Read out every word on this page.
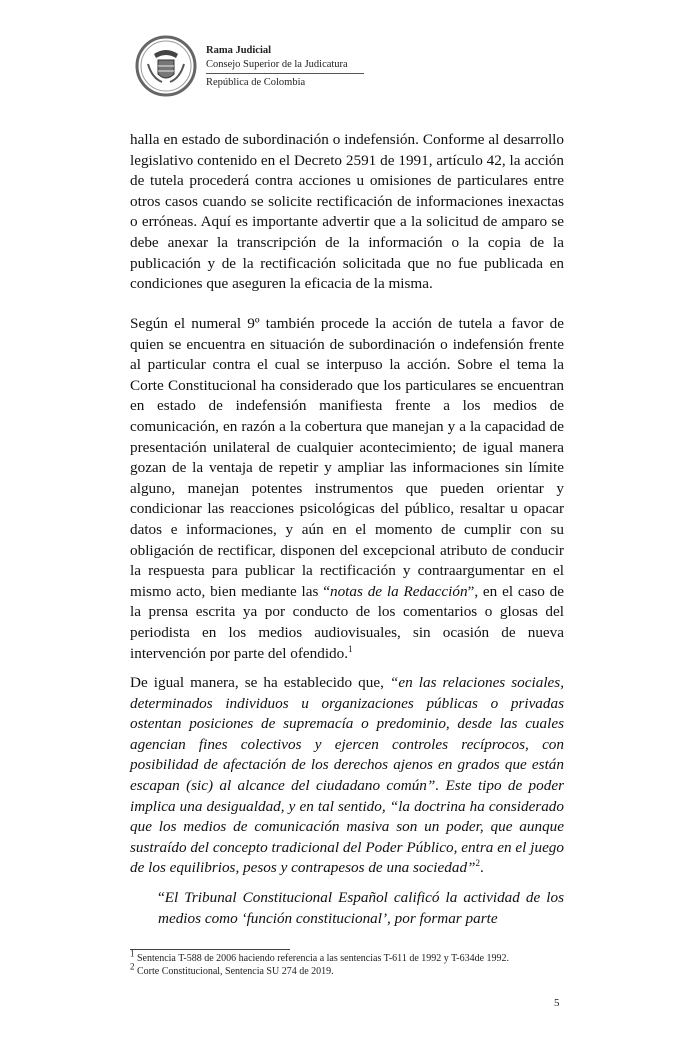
Rama Judicial
Consejo Superior de la Judicatura
República de Colombia

halla en estado de subordinación o indefensión. Conforme al desarrollo legislativo contenido en el Decreto 2591 de 1991, artículo 42, la acción de tutela procederá contra acciones u omisiones de particulares entre otros casos cuando se solicite rectificación de informaciones inexactas o erróneas. Aquí es importante advertir que a la solicitud de amparo se debe anexar la transcripción de la información o la copia de la publicación y de la rectificación solicitada que no fue publicada en condiciones que aseguren la eficacia de la misma.

Según el numeral 9º también procede la acción de tutela a favor de quien se encuentra en situación de subordinación o indefensión frente al particular contra el cual se interpuso la acción. Sobre el tema la Corte Constitucional ha considerado que los particulares se encuentran en estado de indefensión manifiesta frente a los medios de comunicación, en razón a la cobertura que manejan y a la capacidad de presentación unilateral de cualquier acontecimiento; de igual manera gozan de la ventaja de repetir y ampliar las informaciones sin límite alguno, manejan potentes instrumentos que pueden orientar y condicionar las reacciones psicológicas del público, resaltar u opacar datos e informaciones, y aún en el momento de cumplir con su obligación de rectificar, disponen del excepcional atributo de conducir la respuesta para publicar la rectificación y contraargumentar en el mismo acto, bien mediante las “notas de la Redacción”, en el caso de la prensa escrita ya por conducto de los comentarios o glosas del periodista en los medios audiovisuales, sin ocasión de nueva intervención por parte del ofendido.$^1$

De igual manera, se ha establecido que, “en las relaciones sociales, determinados individuos u organizaciones públicas o privadas ostentan posiciones de supremacía o predominio, desde las cuales agencian fines colectivos y ejercen controles recíprocos, con posibilidad de afectación de los derechos ajenos en grados que están escapan (sic) al alcance del ciudadano común”. Este tipo de poder implica una desigualdad, y en tal sentido, “la doctrina ha considerado que los medios de comunicación masiva son un poder, que aunque sustraído del concepto tradicional del Poder Público, entra en el juego de los equilibrios, pesos y contrapesos de una sociedad”$^2$.

“El Tribunal Constitucional Español calificó la actividad de los medios como ‘función constitucional’, por formar parte

$^1$ Sentencia T-588 de 2006 haciendo referencia a las sentencias T-611 de 1992 y T-634de 1992.
$^2$ Corte Constitucional, Sentencia SU 274 de 2019.
5
